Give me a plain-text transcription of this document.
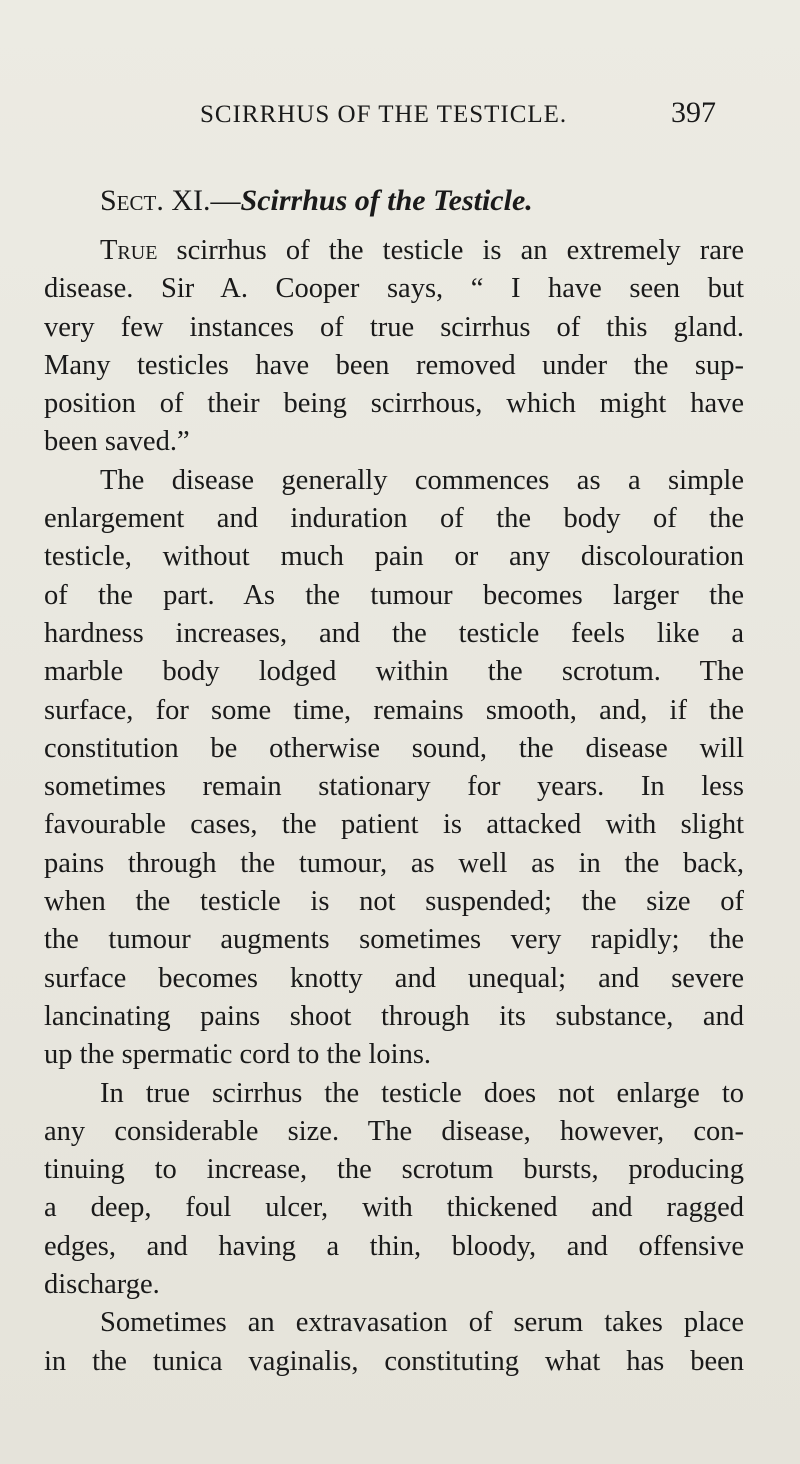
SCIRRHUS OF THE TESTICLE.	397
Sect. XI.—Scirrhus of the Testicle.
True scirrhus of the testicle is an extremely rare
disease. Sir A. Cooper says, “ I have seen but
very few instances of true scirrhus of this gland.
Many testicles have been removed under the sup-
position of their being scirrhous, which might have
been saved.”
The disease generally commences as a simple
enlargement and induration of the body of the
testicle, without much pain or any discolouration
of the part. As the tumour becomes larger the
hardness increases, and the testicle feels like a
marble body lodged within the scrotum. The
surface, for some time, remains smooth, and, if the
constitution be otherwise sound, the disease will
sometimes remain stationary for years. In less
favourable cases, the patient is attacked with slight
pains through the tumour, as well as in the back,
when the testicle is not suspended; the size of
the tumour augments sometimes very rapidly; the
surface becomes knotty and unequal; and severe
lancinating pains shoot through its substance, and
up the spermatic cord to the loins.
In true scirrhus the testicle does not enlarge to
any considerable size. The disease, however, con-
tinuing to increase, the scrotum bursts, producing
a deep, foul ulcer, with thickened and ragged
edges, and having a thin, bloody, and offensive
discharge.
Sometimes an extravasation of serum takes place
in the tunica vaginalis, constituting what has been
